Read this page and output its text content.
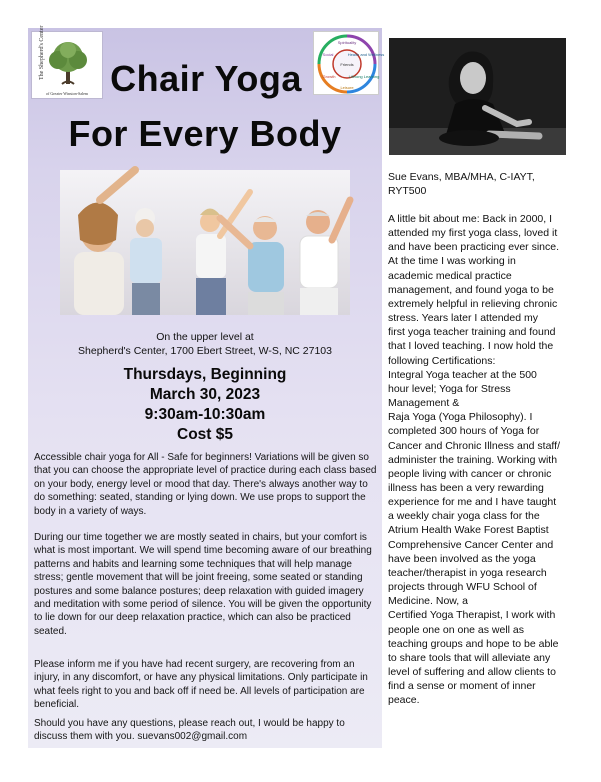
The Shepherd's Center
of Greater Winston-Salem
Spirituality
Health and Wellness
Lifelong Learning
Leisure
Growth
Social
Friends
Chair Yoga
For Every Body
On the upper level at
Shepherd's Center, 1700 Ebert Street, W-S, NC 27103
Thursdays, Beginning
March 30, 2023
9:30am-10:30am
Cost $5
Accessible chair yoga for All - Safe for beginners! Variations will be given so that you can choose the appropriate level of practice during each class based on your body, energy level or mood that day. There's always another way to do something: seated, standing or lying down. We use props to support the body in a variety of ways.
During our time together we are mostly seated in chairs, but your comfort is what is most important. We will spend time becoming aware of our breathing patterns and habits and learning some techniques that will help manage stress; gentle movement that will be joint freeing, some seated or standing postures and some balance postures; deep relaxation with guided imagery and meditation with some period of silence. You will be given the opportunity to lie down for our deep relaxation practice, which can also be practiced seated.
Please inform me if you have had recent surgery, are recovering from an injury, in any discomfort, or have any physical limitations. Only participate in what feels right to you and back off if need be. All levels of participation are beneficial.
Should you have any questions, please reach out, I would be happy to discuss them with you. suevans002@gmail.com
Sue Evans, MBA/MHA, C-IAYT,
RYT500
A little bit about me: Back in 2000, I
attended my first yoga class, loved it
and have been practicing ever since.
At the time I was working in
academic medical practice
management, and found yoga to be
extremely helpful in relieving chronic
stress. Years later I attended my
first yoga teacher training and found
that I loved teaching. I now hold the
following Certifications:
Integral Yoga teacher at the 500
hour level; Yoga for Stress
Management &
Raja Yoga (Yoga Philosophy). I
completed 300 hours of Yoga for
Cancer and Chronic Illness and staff/
administer the training. Working with
people living with cancer or chronic
illness has been a very rewarding
experience for me and I have taught
a weekly chair yoga class for the
Atrium Health Wake Forest Baptist
Comprehensive Cancer Center and
have been involved as the yoga
teacher/therapist in yoga research
projects through WFU School of
Medicine. Now, a
Certified Yoga Therapist, I work with
people one on one as well as
teaching groups and hope to be able
to share tools that will alleviate any
level of suffering and allow clients to
find a sense or moment of inner
peace.
